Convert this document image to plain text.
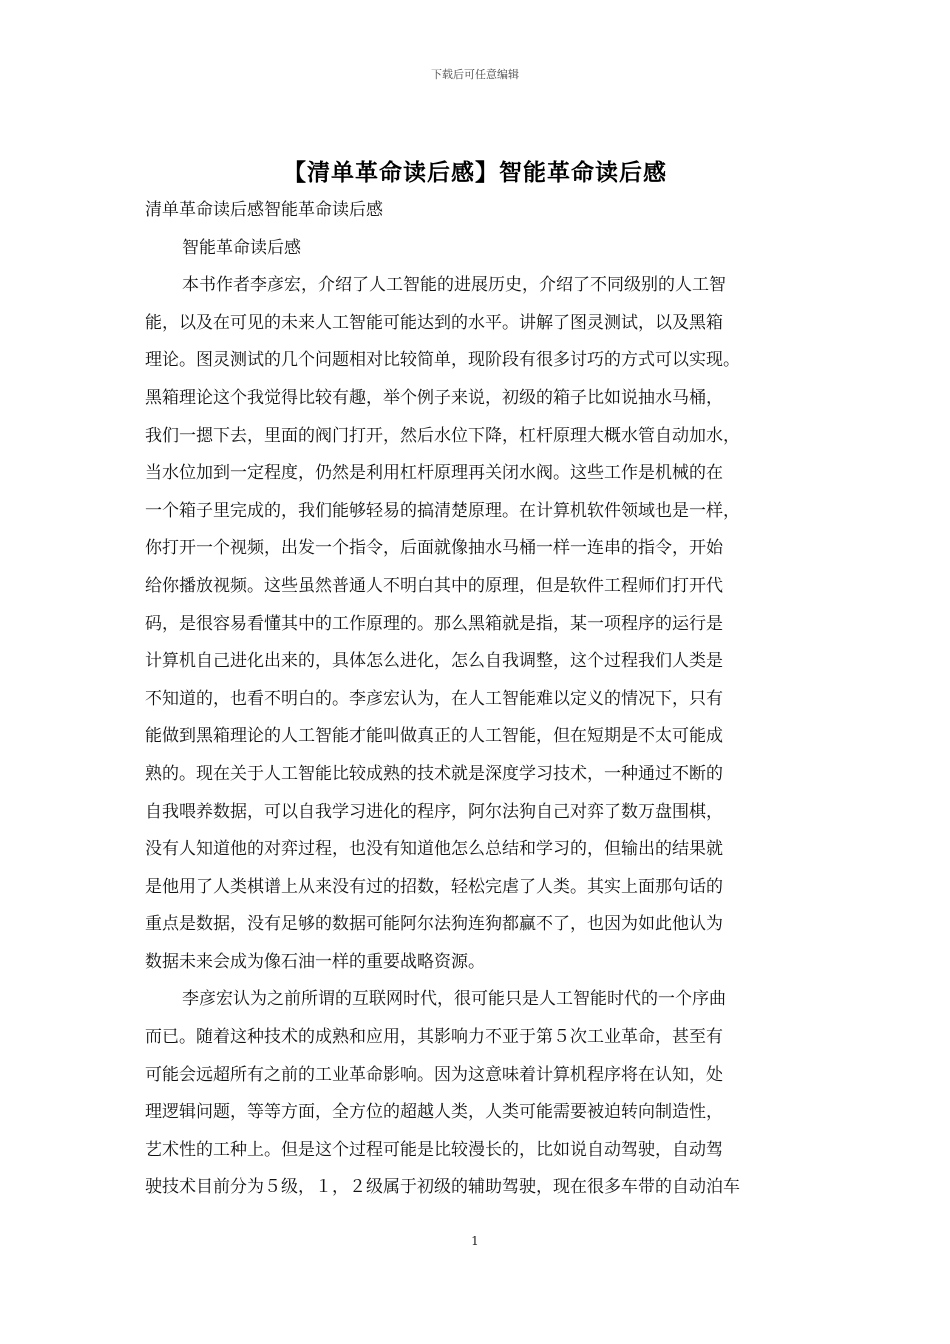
下载后可任意编辑
【清单革命读后感】智能革命读后感
清单革命读后感智能革命读后感
智能革命读后感
本书作者李彦宏，介绍了人工智能的进展历史，介绍了不同级别的人工智
能，以及在可见的未来人工智能可能达到的水平。讲解了图灵测试，以及黑箱
理论。图灵测试的几个问题相对比较简单，现阶段有很多讨巧的方式可以实现。
黑箱理论这个我觉得比较有趣，举个例子来说，初级的箱子比如说抽水马桶，
我们一摁下去，里面的阀门打开，然后水位下降，杠杆原理大概水管自动加水，
当水位加到一定程度，仍然是利用杠杆原理再关闭水阀。这些工作是机械的在
一个箱子里完成的，我们能够轻易的搞清楚原理。在计算机软件领域也是一样，
你打开一个视频，出发一个指令，后面就像抽水马桶一样一连串的指令，开始
给你播放视频。这些虽然普通人不明白其中的原理，但是软件工程师们打开代
码，是很容易看懂其中的工作原理的。那么黑箱就是指，某一项程序的运行是
计算机自己进化出来的，具体怎么进化，怎么自我调整，这个过程我们人类是
不知道的，也看不明白的。李彦宏认为，在人工智能难以定义的情况下，只有
能做到黑箱理论的人工智能才能叫做真正的人工智能，但在短期是不太可能成
熟的。现在关于人工智能比较成熟的技术就是深度学习技术，一种通过不断的
自我喂养数据，可以自我学习进化的程序，阿尔法狗自己对弈了数万盘围棋，
没有人知道他的对弈过程，也没有知道他怎么总结和学习的，但输出的结果就
是他用了人类棋谱上从来没有过的招数，轻松完虐了人类。其实上面那句话的
重点是数据，没有足够的数据可能阿尔法狗连狗都赢不了，也因为如此他认为
数据未来会成为像石油一样的重要战略资源。
李彦宏认为之前所谓的互联网时代，很可能只是人工智能时代的一个序曲
而已。随着这种技术的成熟和应用，其影响力不亚于第５次工业革命，甚至有
可能会远超所有之前的工业革命影响。因为这意味着计算机程序将在认知，处
理逻辑问题，等等方面，全方位的超越人类，人类可能需要被迫转向制造性，
艺术性的工种上。但是这个过程可能是比较漫长的，比如说自动驾驶，自动驾
驶技术目前分为５级，１，２级属于初级的辅助驾驶，现在很多车带的自动泊车
1
